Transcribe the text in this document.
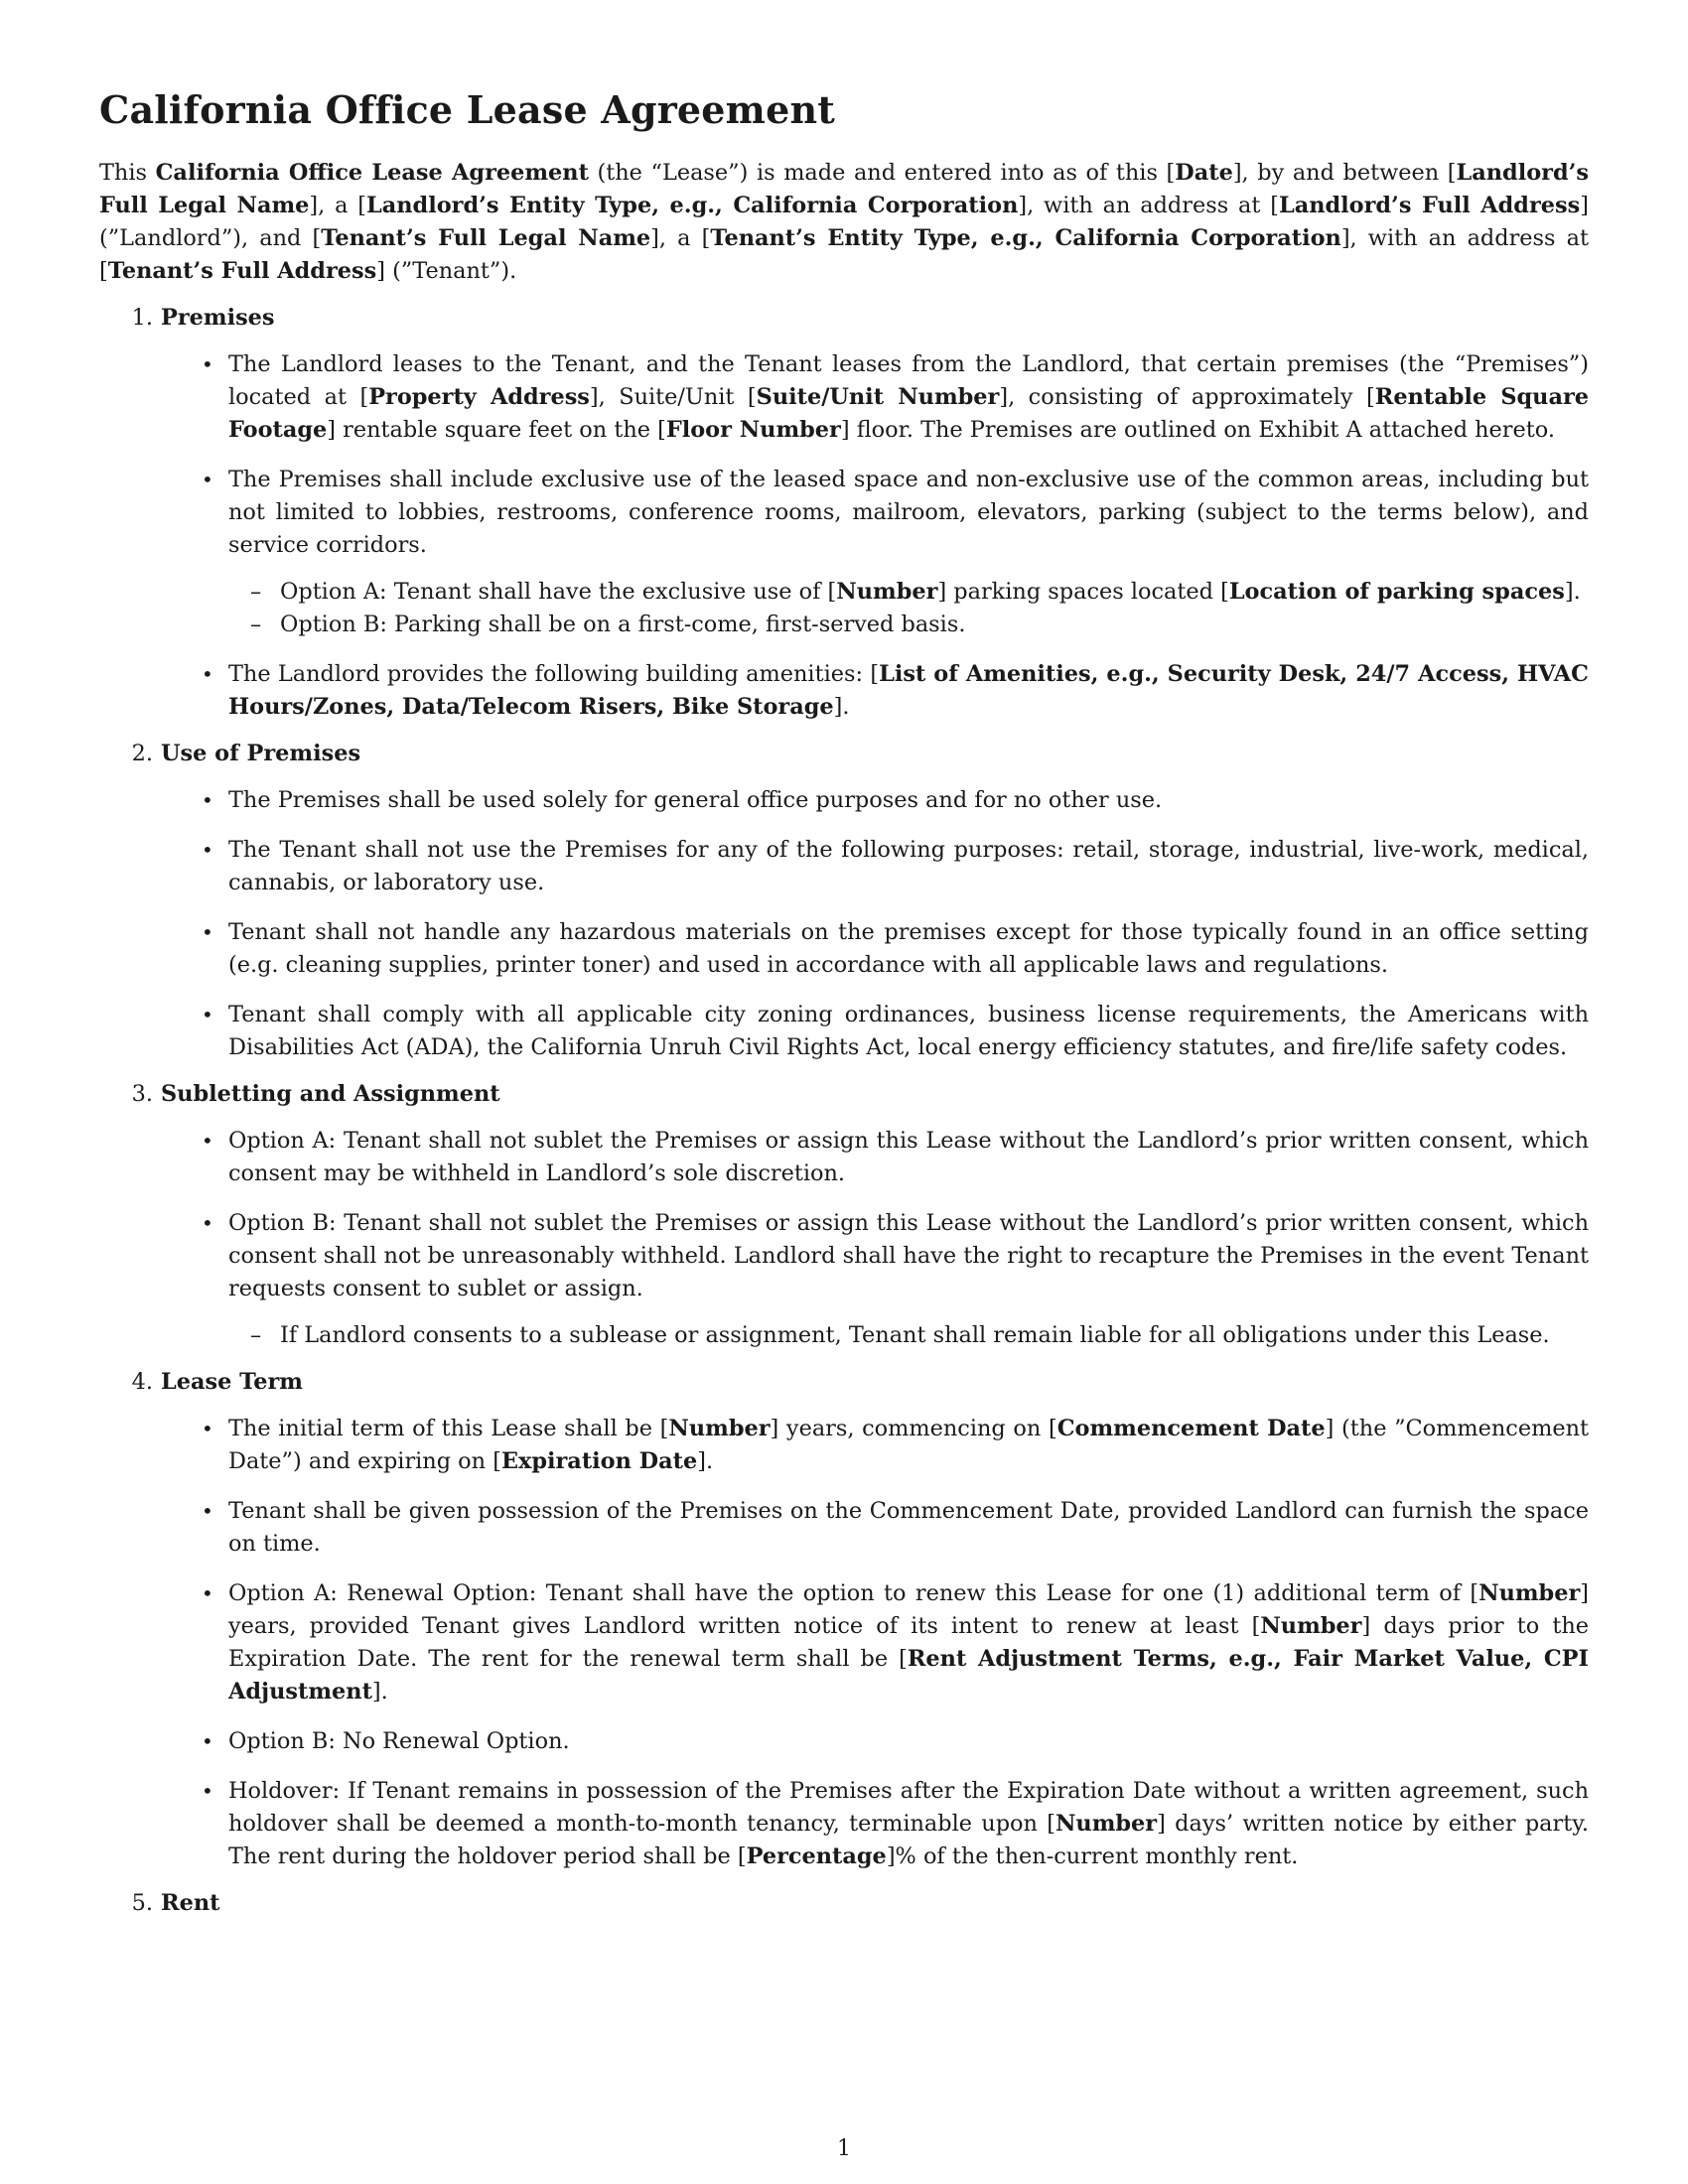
California Office Lease Agreement

This California Office Lease Agreement (the “Lease”) is made and entered into as of this [Date], by and between [Landlord’s Full Legal Name], a [Landlord’s Entity Type, e.g., California Corporation], with an address at [Landlord’s Full Address] (”Landlord”), and [Tenant’s Full Legal Name], a [Tenant’s Entity Type, e.g., California Corporation], with an address at [Tenant’s Full Address] (”Tenant”).

1. Premises
• The Landlord leases to the Tenant, and the Tenant leases from the Landlord, that certain premises (the “Premises”) located at [Property Address], Suite/Unit [Suite/Unit Number], consisting of approximately [Rentable Square Footage] rentable square feet on the [Floor Number] floor. The Premises are outlined on Exhibit A attached hereto.
• The Premises shall include exclusive use of the leased space and non-exclusive use of the common areas, including but not limited to lobbies, restrooms, conference rooms, mailroom, elevators, parking (subject to the terms below), and service corridors.
– Option A: Tenant shall have the exclusive use of [Number] parking spaces located [Location of parking spaces].
– Option B: Parking shall be on a first-come, first-served basis.
• The Landlord provides the following building amenities: [List of Amenities, e.g., Security Desk, 24/7 Access, HVAC Hours/Zones, Data/Telecom Risers, Bike Storage].
2. Use of Premises
• The Premises shall be used solely for general office purposes and for no other use.
• The Tenant shall not use the Premises for any of the following purposes: retail, storage, industrial, live-work, medical, cannabis, or laboratory use.
• Tenant shall not handle any hazardous materials on the premises except for those typically found in an office setting (e.g. cleaning supplies, printer toner) and used in accordance with all applicable laws and regulations.
• Tenant shall comply with all applicable city zoning ordinances, business license requirements, the Americans with Disabilities Act (ADA), the California Unruh Civil Rights Act, local energy efficiency statutes, and fire/life safety codes.
3. Subletting and Assignment
• Option A: Tenant shall not sublet the Premises or assign this Lease without the Landlord’s prior written consent, which consent may be withheld in Landlord’s sole discretion.
• Option B: Tenant shall not sublet the Premises or assign this Lease without the Landlord’s prior written consent, which consent shall not be unreasonably withheld. Landlord shall have the right to recapture the Premises in the event Tenant requests consent to sublet or assign.
– If Landlord consents to a sublease or assignment, Tenant shall remain liable for all obligations under this Lease.
4. Lease Term
• The initial term of this Lease shall be [Number] years, commencing on [Commencement Date] (the ”Commencement Date”) and expiring on [Expiration Date].
• Tenant shall be given possession of the Premises on the Commencement Date, provided Landlord can furnish the space on time.
• Option A: Renewal Option: Tenant shall have the option to renew this Lease for one (1) additional term of [Number] years, provided Tenant gives Landlord written notice of its intent to renew at least [Number] days prior to the Expiration Date. The rent for the renewal term shall be [Rent Adjustment Terms, e.g., Fair Market Value, CPI Adjustment].
• Option B: No Renewal Option.
• Holdover: If Tenant remains in possession of the Premises after the Expiration Date without a written agreement, such holdover shall be deemed a month-to-month tenancy, terminable upon [Number] days’ written notice by either party. The rent during the holdover period shall be [Percentage]% of the then-current monthly rent.
5. Rent
1
